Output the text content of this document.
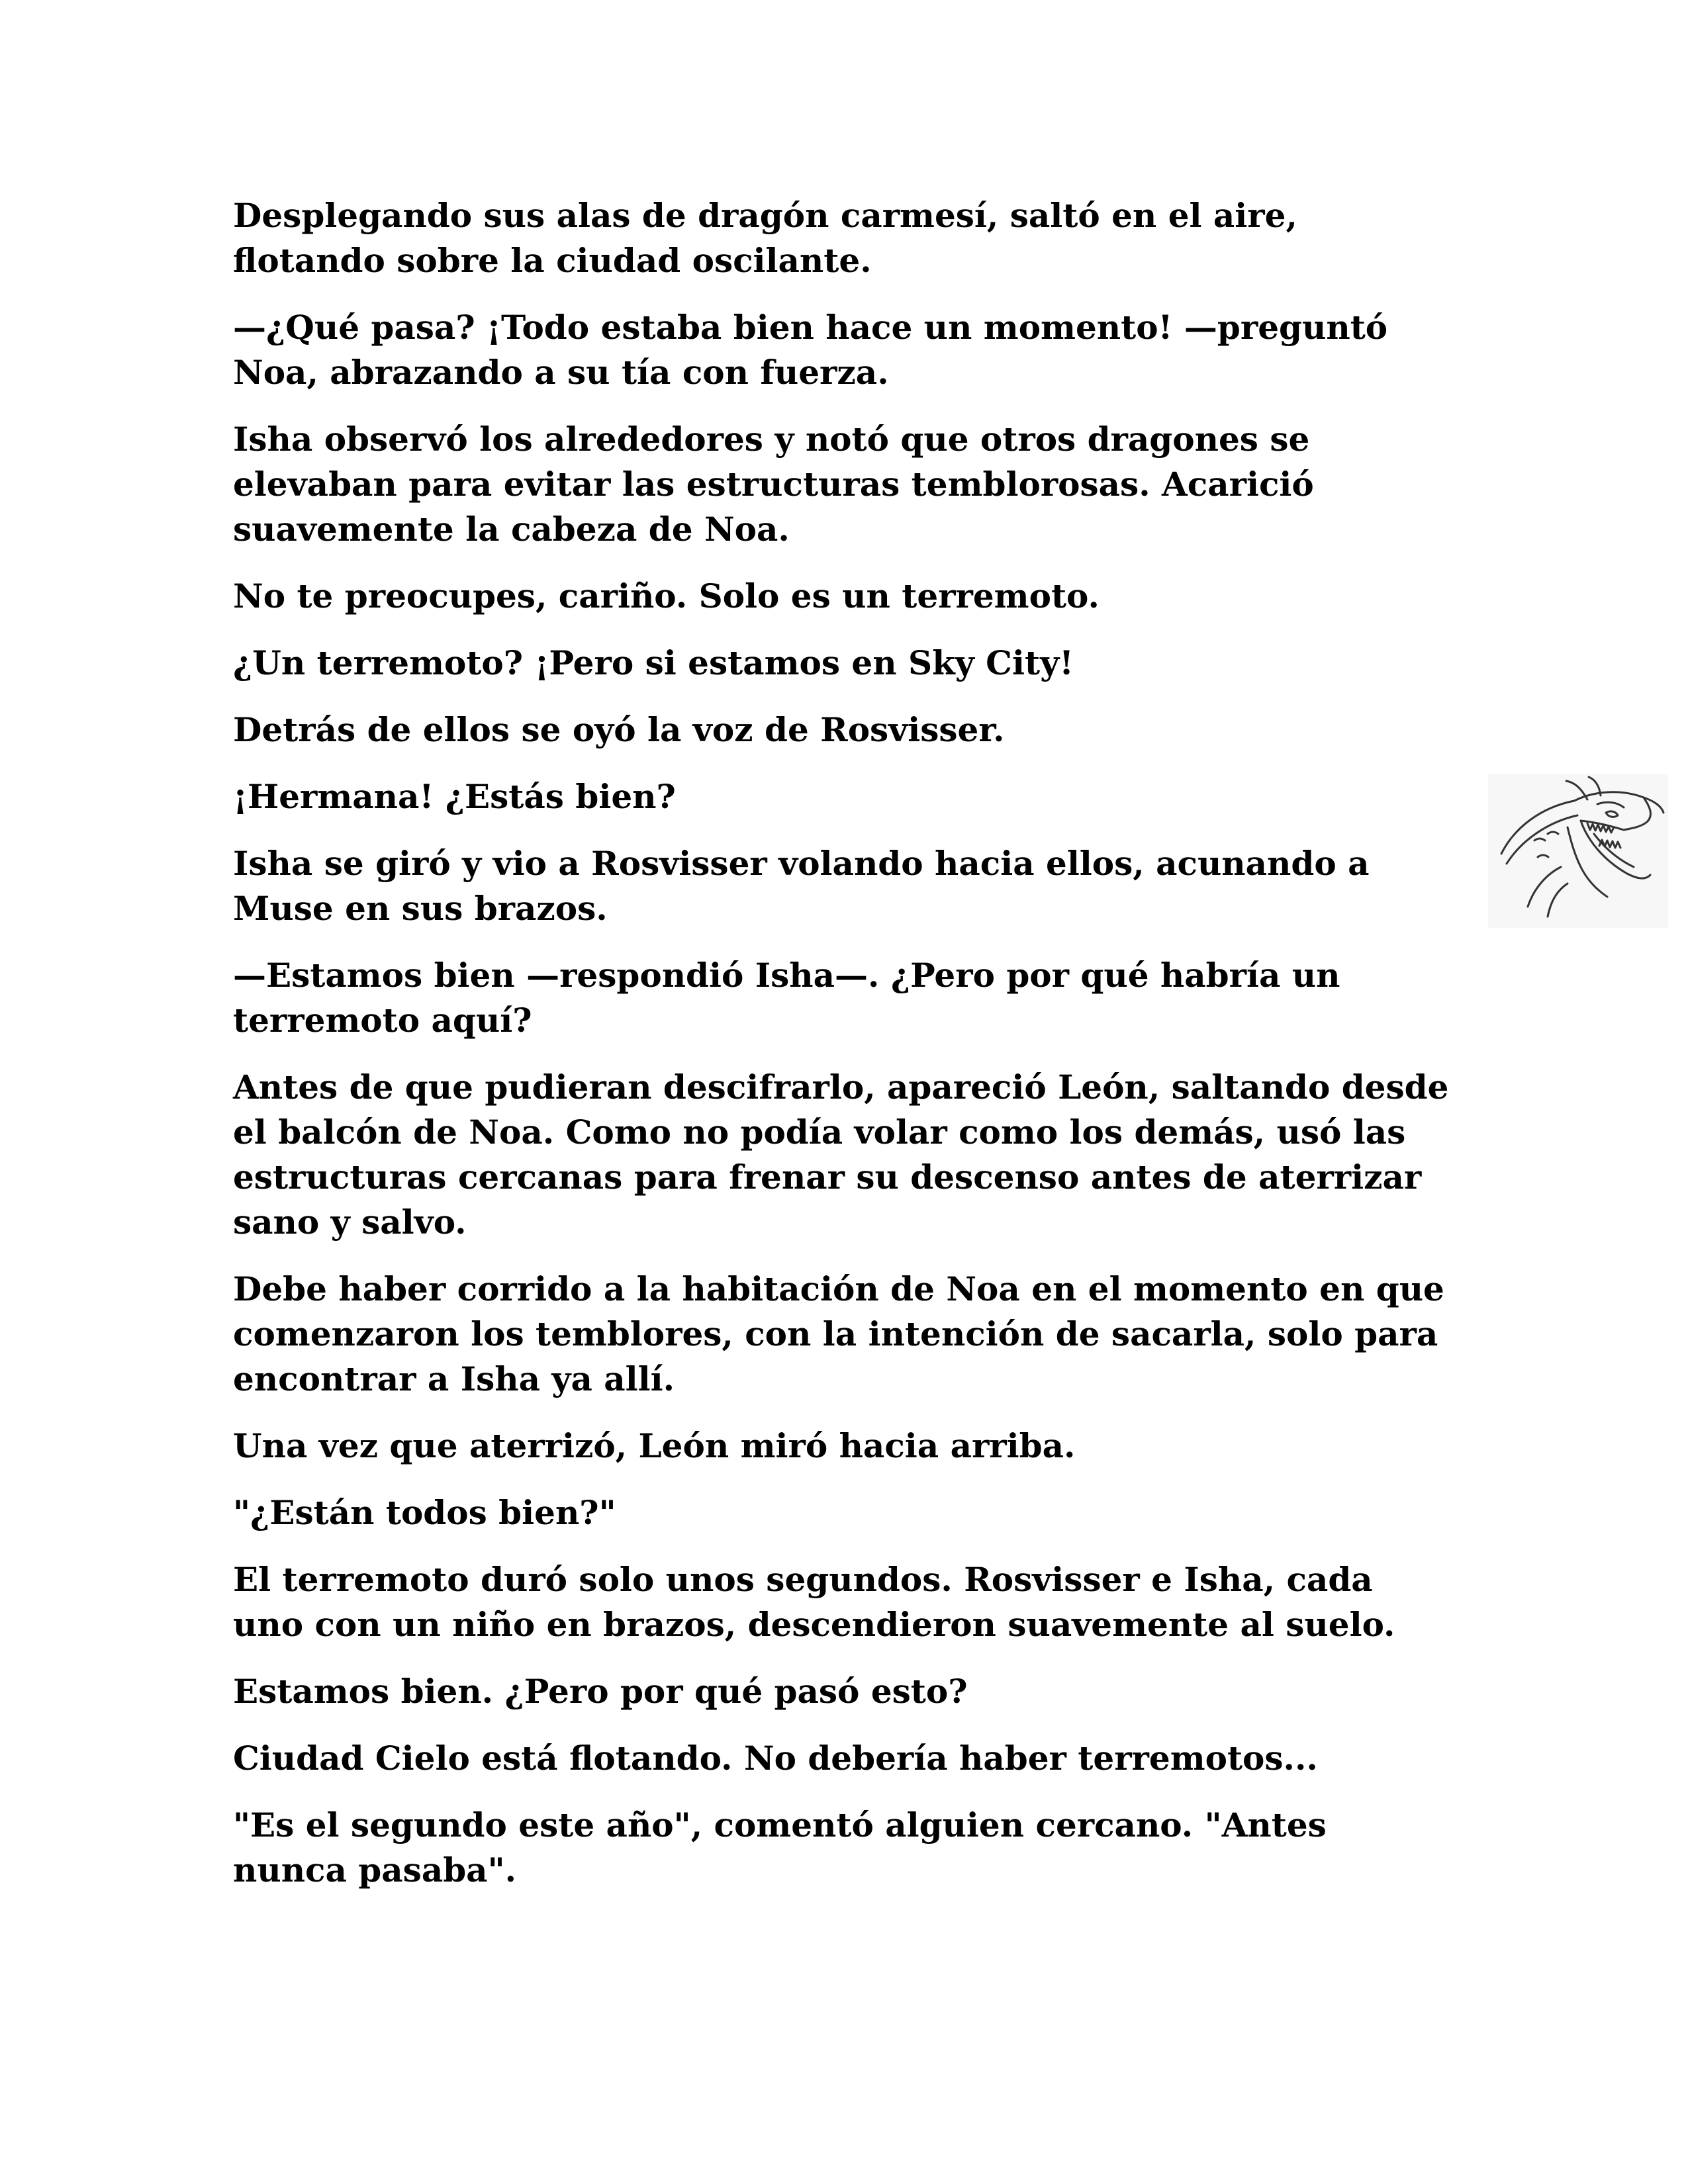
Desplegando sus alas de dragón carmesí, saltó en el aire, flotando sobre la ciudad oscilante.

—¿Qué pasa? ¡Todo estaba bien hace un momento! —preguntó Noa, abrazando a su tía con fuerza.

Isha observó los alrededores y notó que otros dragones se elevaban para evitar las estructuras temblorosas. Acarició suavemente la cabeza de Noa.

No te preocupes, cariño. Solo es un terremoto.

¿Un terremoto? ¡Pero si estamos en Sky City!

Detrás de ellos se oyó la voz de Rosvisser.

¡Hermana! ¿Estás bien?

Isha se giró y vio a Rosvisser volando hacia ellos, acunando a Muse en sus brazos.

—Estamos bien —respondió Isha—. ¿Pero por qué habría un terremoto aquí?

Antes de que pudieran descifrarlo, apareció León, saltando desde el balcón de Noa. Como no podía volar como los demás, usó las estructuras cercanas para frenar su descenso antes de aterrizar sano y salvo.

Debe haber corrido a la habitación de Noa en el momento en que comenzaron los temblores, con la intención de sacarla, solo para encontrar a Isha ya allí.

Una vez que aterrizó, León miró hacia arriba.

"¿Están todos bien?"

El terremoto duró solo unos segundos. Rosvisser e Isha, cada uno con un niño en brazos, descendieron suavemente al suelo.

Estamos bien. ¿Pero por qué pasó esto?

Ciudad Cielo está flotando. No debería haber terremotos...

"Es el segundo este año", comentó alguien cercano. "Antes nunca pasaba".
